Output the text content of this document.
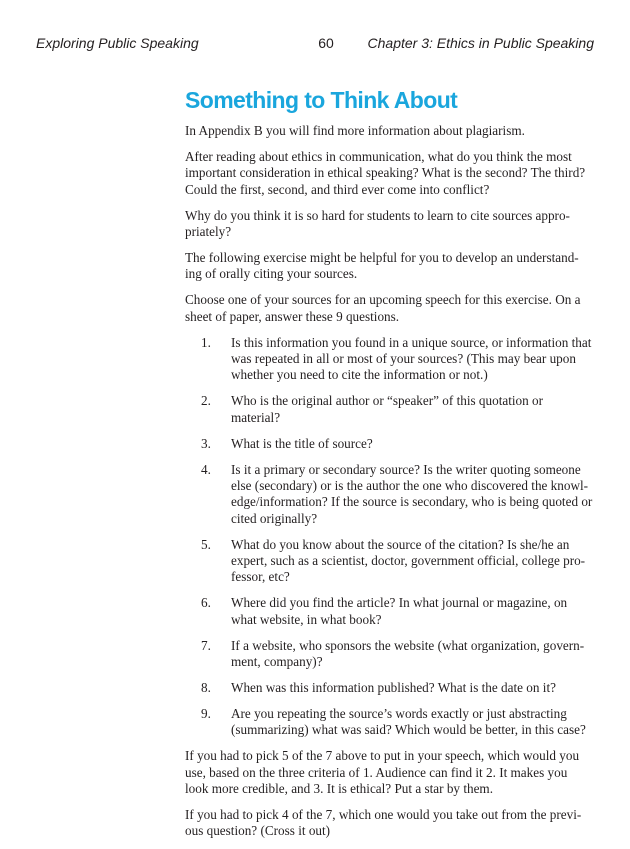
Exploring Public Speaking	60	Chapter 3: Ethics in Public Speaking
Something to Think About

In Appendix B you will find more information about plagiarism.

After reading about ethics in communication, what do you think the most important consideration in ethical speaking? What is the second? The third? Could the first, second, and third ever come into conflict?

Why do you think it is so hard for students to learn to cite sources appro-priately?

The following exercise might be helpful for you to develop an understand-ing of orally citing your sources.

Choose one of your sources for an upcoming speech for this exercise. On a sheet of paper, answer these 9 questions.

1.	Is this information you found in a unique source, or information that was repeated in all or most of your sources? (This may bear upon whether you need to cite the information or not.)
2.	Who is the original author or “speaker” of this quotation or material?
3.	What is the title of source?
4.	Is it a primary or secondary source? Is the writer quoting someone else (secondary) or is the author the one who discovered the knowl-edge/information? If the source is secondary, who is being quoted or cited originally?
5.	What do you know about the source of the citation? Is she/he an expert, such as a scientist, doctor, government official, college pro-fessor, etc?
6.	Where did you find the article? In what journal or magazine, on what website, in what book?
7.	If a website, who sponsors the website (what organization, govern-ment, company)?
8.	When was this information published? What is the date on it?
9.	Are you repeating the source’s words exactly or just abstracting (summarizing) what was said? Which would be better, in this case?

If you had to pick 5 of the 7 above to put in your speech, which would you use, based on the three criteria of 1. Audience can find it 2. It makes you look more credible, and 3. It is ethical? Put a star by them.

If you had to pick 4 of the 7, which one would you take out from the previ-ous question? (Cross it out)
